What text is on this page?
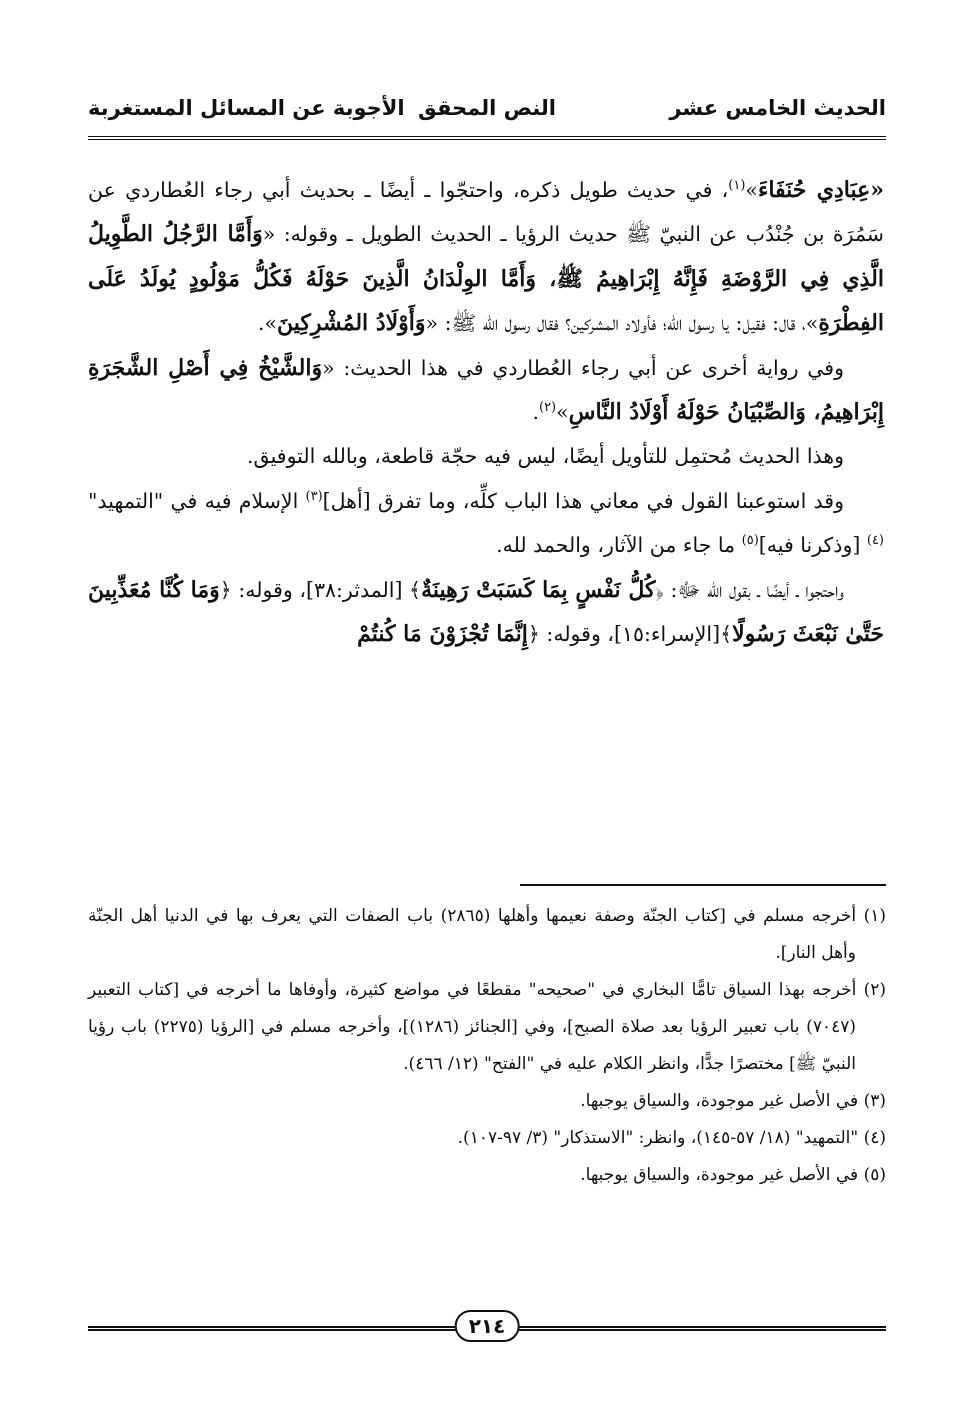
الحديث الخامس عشر
النص المحقق
الأجوبة عن المسائل المستغربة

«عِبَادِي حُنَفَاءَ»$^{(١)}$، في حديث طويل ذكره، واحتجّوا ـ أيضًا ـ بحديث أبي رجاء العُطاردي عن سَمُرَة بن جُنْدُب عن النبيّ ﷺ حديث الرؤيا ـ الحديث الطويل ـ وقوله: «وَأَمَّا الرَّجُلُ الطَّوِيلُ الَّذِي فِي الرَّوْضَةِ فَإِنَّهُ إِبْرَاهِيمُ ﷺ، وَأَمَّا الوِلْدَانُ الَّذِينَ حَوْلَهُ فَكُلُّ مَوْلُودٍ يُولَدُ عَلَى الفِطْرَةِ»، قال: فقيل: يا رسول الله؛ فأولاد المشركين؟ فقال رسول الله ﷺ: «وَأَوْلَادُ المُشْرِكِينَ».

وفي رواية أخرى عن أبي رجاء العُطاردي في هذا الحديث: «وَالشَّيْخُ فِي أَصْلِ الشَّجَرَةِ إِبْرَاهِيمُ، وَالصِّبْيَانُ حَوْلَهُ أَوْلَادُ النَّاسِ»$^{(٢)}$.

وهذا الحديث مُحتمِل للتأويل أيضًا، ليس فيه حجّة قاطعة، وبالله التوفيق.

وقد استوعبنا القول في معاني هذا الباب كلِّه، وما تفرق [أهل]$^{(٣)}$ الإسلام فيه في "التمهيد"$^{(٤)}$ [وذكرنا فيه]$^{(٥)}$ ما جاء من الآثار، والحمد لله.

واحتجوا ـ أيضًا ـ بقول الله ﷻ: ﴿كُلُّ نَفْسٍ بِمَا كَسَبَتْ رَهِينَةٌ﴾ [المدثر:٣٨]، وقوله: ﴿وَمَا كُنَّا مُعَذِّبِينَ حَتَّىٰ نَبْعَثَ رَسُولًا﴾[الإسراء:١٥]، وقوله: ﴿إِنَّمَا تُجْزَوْنَ مَا كُنتُمْ

(١) أخرجه مسلم في [كتاب الجنّة وصفة نعيمها وأهلها (٢٨٦٥) باب الصفات التي يعرف بها في الدنيا أهل الجنّة وأهل النار].

(٢) أخرجه بهذا السياق تامًّا البخاري في "صحيحه" مقطعًا في مواضع كثيرة، وأوفاها ما أخرجه في [كتاب التعبير (٧٠٤٧) باب تعبير الرؤيا بعد صلاة الصبح]، وفي [الجنائز (١٢٨٦)]، وأخرجه مسلم في [الرؤيا (٢٢٧٥) باب رؤيا النبيّ ﷺ] مختصرًا جدًّا، وانظر الكلام عليه في "الفتح" (١٢/ ٤٦٦).

(٣) في الأصل غير موجودة، والسياق يوجبها.

(٤) "التمهيد" (١٨/ ٥٧-١٤٥)، وانظر: "الاستذكار" (٣/ ٩٧-١٠٧).

(٥) في الأصل غير موجودة، والسياق يوجبها.

٢١٤
